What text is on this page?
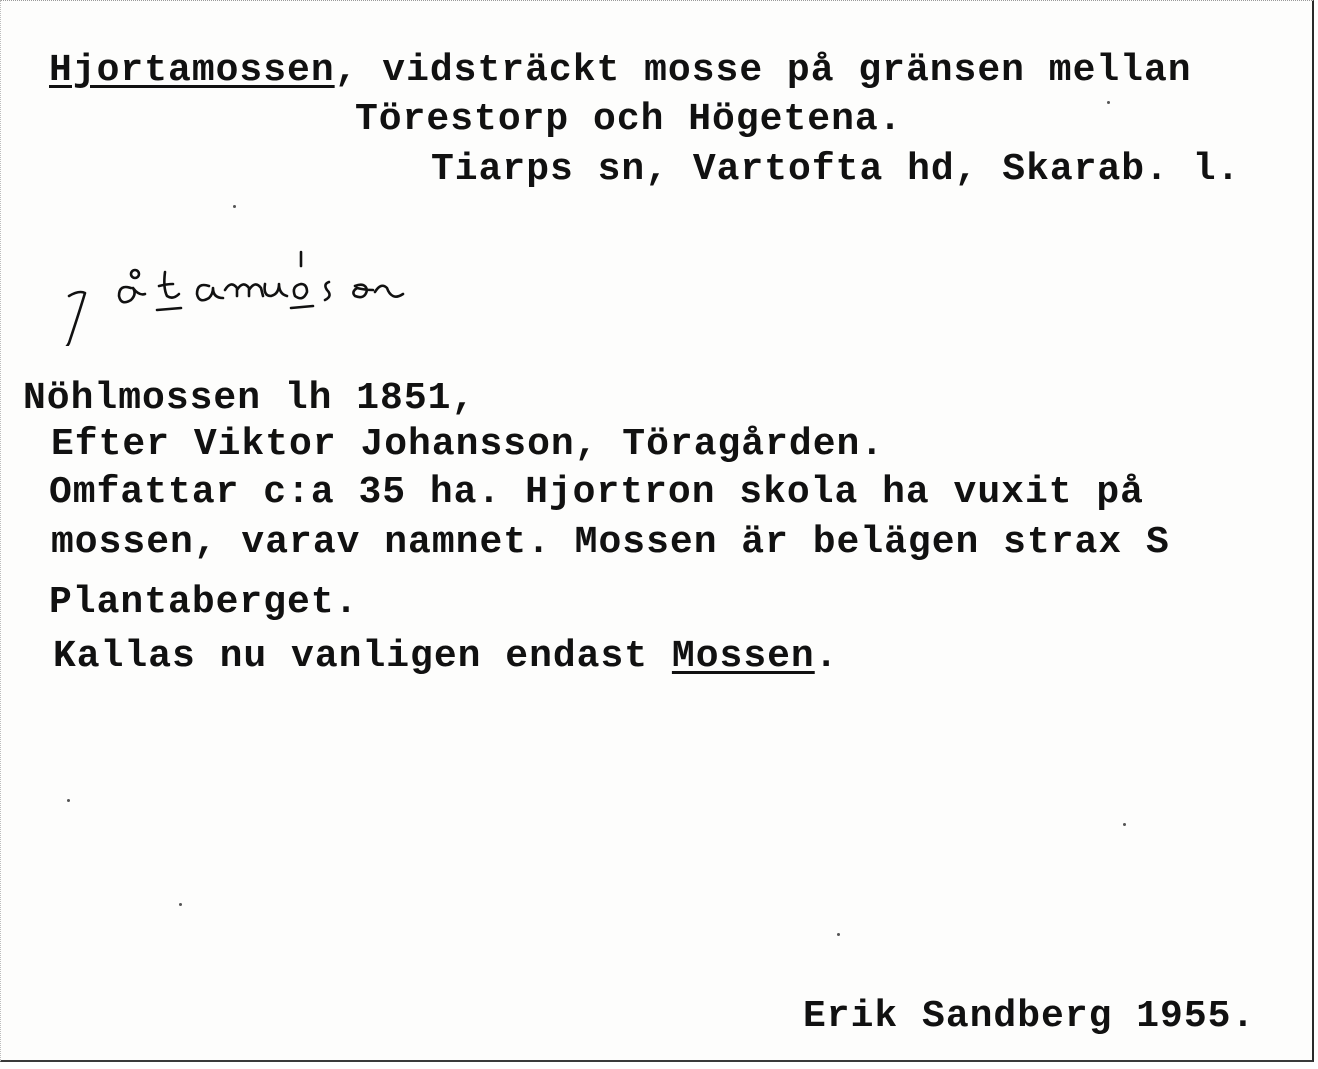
Hjortamossen, vidsträckt mosse på gränsen mellan
Törestorp och Högetena.
Tiarps sn, Vartofta hd, Skarab. l.
jȧ̊tamȯsən
Nöhlmossen lh 1851,
Efter Viktor Johansson, Töragården.
Omfattar c:a 35 ha. Hjortron skola ha vuxit på
mossen, varav namnet. Mossen är belägen strax S
Plantaberget.
Kallas nu vanligen endast Mossen.
Erik Sandberg 1955.
